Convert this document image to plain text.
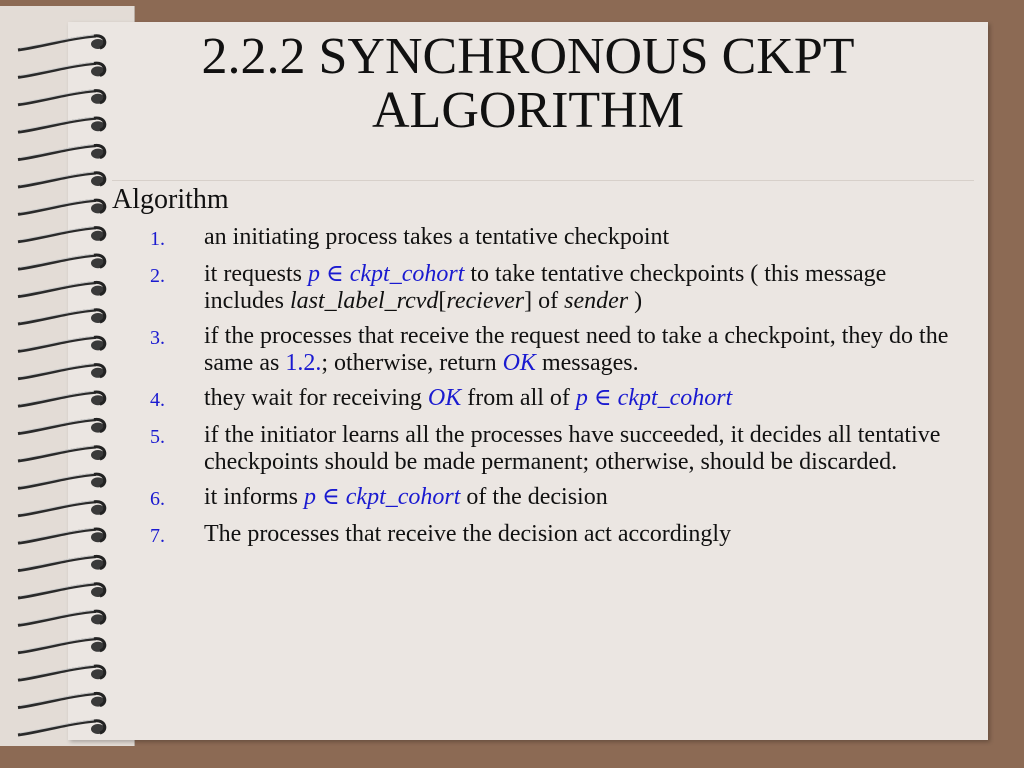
2.2.2 SYNCHRONOUS CKPT
ALGORITHM
Algorithm
1.	an initiating process takes a tentative checkpoint
2.	it requests p ∈ ckpt_cohort to take tentative checkpoints ( this message includes last_label_rcvd[reciever] of sender )
3.	if the processes that receive the request need to take a checkpoint, they do the same as 1.2.; otherwise, return OK messages.
4.	they wait for receiving OK from all of p ∈ ckpt_cohort
5.	if the initiator learns all the processes have succeeded, it decides all tentative checkpoints should be made permanent; otherwise, should be discarded.
6.	it informs p ∈ ckpt_cohort of the decision
7.	The processes that receive the decision act accordingly
